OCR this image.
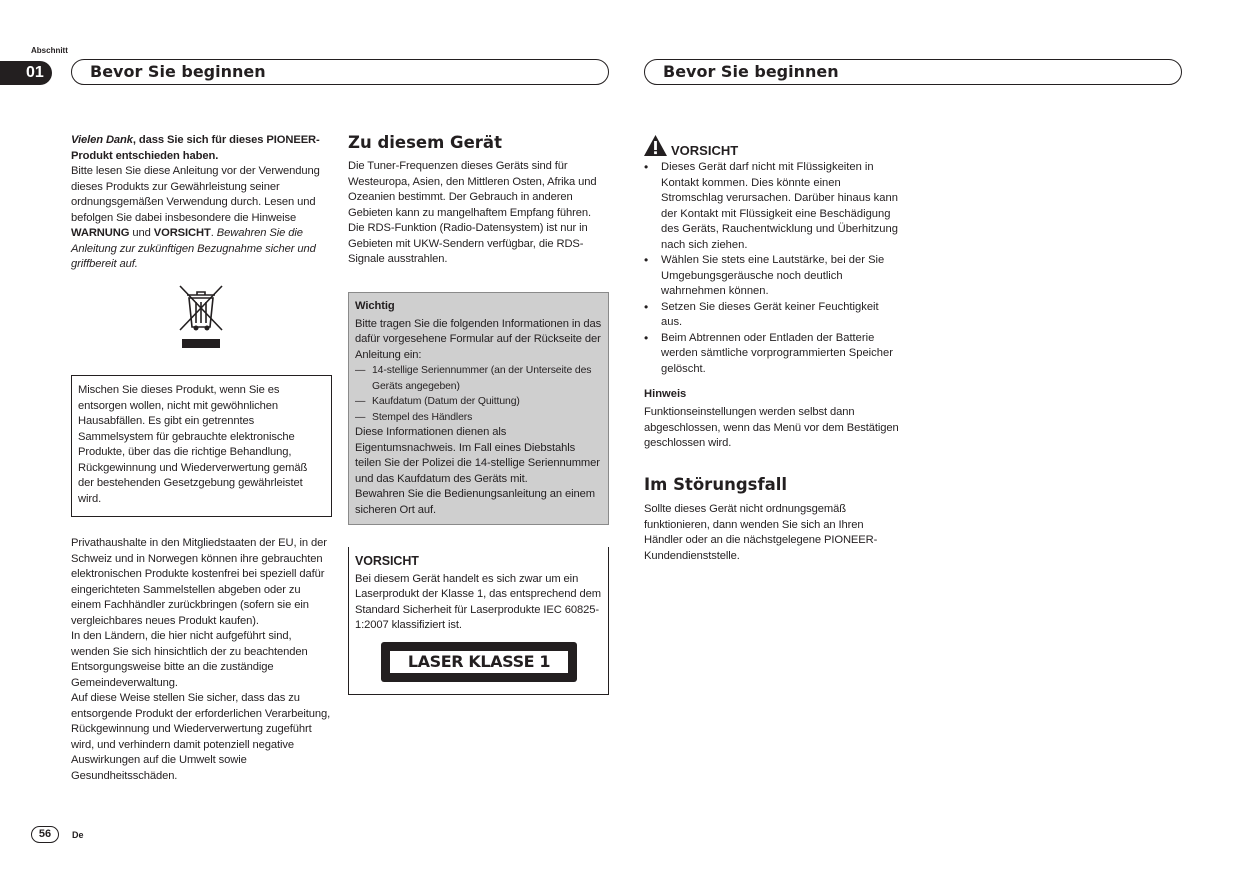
Abschnitt
01	Bevor Sie beginnen	Bevor Sie beginnen

Vielen Dank, dass Sie sich für dieses PIONEER-Produkt entschieden haben.

Bitte lesen Sie diese Anleitung vor der Verwendung dieses Produkts zur Gewährleistung seiner ordnungsgemäßen Verwendung durch. Lesen und befolgen Sie dabei insbesondere die Hinweise WARNUNG und VORSICHT. Bewahren Sie die Anleitung zur zukünftigen Bezugnahme sicher und griffbereit auf.

Mischen Sie dieses Produkt, wenn Sie es entsorgen wollen, nicht mit gewöhnlichen Hausabfällen. Es gibt ein getrenntes Sammelsystem für gebrauchte elektronische Produkte, über das die richtige Behandlung, Rückgewinnung und Wiederverwertung gemäß der bestehenden Gesetzgebung gewährleistet wird.

Privathaushalte in den Mitgliedstaaten der EU, in der Schweiz und in Norwegen können ihre gebrauchten elektronischen Produkte kostenfrei bei speziell dafür eingerichteten Sammelstellen abgeben oder zu einem Fachhändler zurückbringen (sofern sie ein vergleichbares neues Produkt kaufen).

In den Ländern, die hier nicht aufgeführt sind, wenden Sie sich hinsichtlich der zu beachtenden Entsorgungsweise bitte an die zuständige Gemeindeverwaltung.

Auf diese Weise stellen Sie sicher, dass das zu entsorgende Produkt der erforderlichen Verarbeitung, Rückgewinnung und Wiederverwertung zugeführt wird, und verhindern damit potenziell negative Auswirkungen auf die Umwelt sowie Gesundheitsschäden.

Zu diesem Gerät
Die Tuner-Frequenzen dieses Geräts sind für Westeuropa, Asien, den Mittleren Osten, Afrika und Ozeanien bestimmt. Der Gebrauch in anderen Gebieten kann zu mangelhaftem Empfang führen. Die RDS-Funktion (Radio-Datensystem) ist nur in Gebieten mit UKW-Sendern verfügbar, die RDS-Signale ausstrahlen.

Wichtig

Bitte tragen Sie die folgenden Informationen in das dafür vorgesehene Formular auf der Rückseite der Anleitung ein:

— 14-stellige Seriennummer (an der Unterseite des Geräts angegeben)
— Kaufdatum (Datum der Quittung)
— Stempel des Händlers

Diese Informationen dienen als Eigentumsnachweis. Im Fall eines Diebstahls teilen Sie der Polizei die 14-stellige Seriennummer und das Kaufdatum des Geräts mit.

Bewahren Sie die Bedienungsanleitung an einem sicheren Ort auf.

VORSICHT

Bei diesem Gerät handelt es sich zwar um ein Laserprodukt der Klasse 1, das entsprechend dem Standard Sicherheit für Laserprodukte IEC 60825-1:2007 klassifiziert ist.

LASER KLASSE 1
VORSICHT
•	Dieses Gerät darf nicht mit Flüssigkeiten in Kontakt kommen. Dies könnte einen Stromschlag verursachen. Darüber hinaus kann der Kontakt mit Flüssigkeit eine Beschädigung des Geräts, Rauchentwicklung und Überhitzung nach sich ziehen.
•	Wählen Sie stets eine Lautstärke, bei der Sie Umgebungsgeräusche noch deutlich wahrnehmen können.
•	Setzen Sie dieses Gerät keiner Feuchtigkeit aus.
•	Beim Abtrennen oder Entladen der Batterie werden sämtliche vorprogrammierten Speicher gelöscht.
Hinweis
Funktionseinstellungen werden selbst dann abgeschlossen, wenn das Menü vor dem Bestätigen geschlossen wird.
Im Störungsfall
Sollte dieses Gerät nicht ordnungsgemäß funktionieren, dann wenden Sie sich an Ihren Händler oder an die nächstgelegene PIONEER-Kundendienststelle.
56	De
